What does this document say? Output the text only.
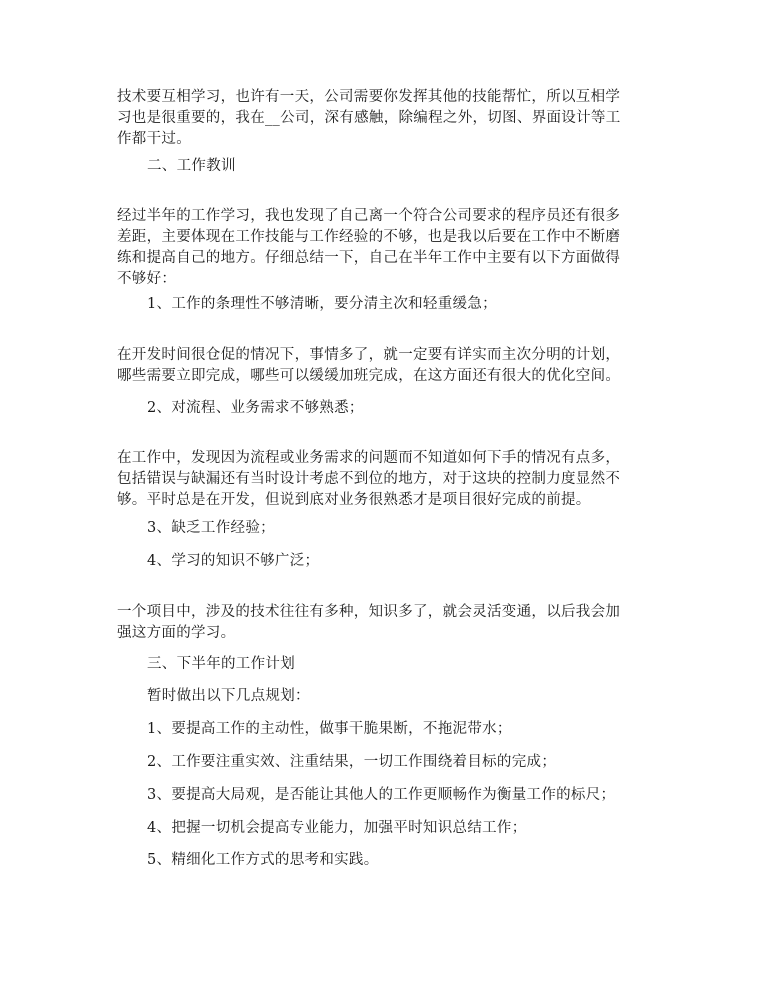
技术要互相学习，也许有一天，公司需要你发挥其他的技能帮忙，所以互相学
习也是很重要的，我在__公司，深有感触，除编程之外，切图、界面设计等工
作都干过。

二、工作教训

经过半年的工作学习，我也发现了自己离一个符合公司要求的程序员还有很多
差距，主要体现在工作技能与工作经验的不够，也是我以后要在工作中不断磨
练和提高自己的地方。仔细总结一下，自己在半年工作中主要有以下方面做得
不够好：

1、工作的条理性不够清晰，要分清主次和轻重缓急；

在开发时间很仓促的情况下，事情多了，就一定要有详实而主次分明的计划，
哪些需要立即完成，哪些可以缓缓加班完成，在这方面还有很大的优化空间。

2、对流程、业务需求不够熟悉；

在工作中，发现因为流程或业务需求的问题而不知道如何下手的情况有点多，
包括错误与缺漏还有当时设计考虑不到位的地方，对于这块的控制力度显然不
够。平时总是在开发，但说到底对业务很熟悉才是项目很好完成的前提。

3、缺乏工作经验；

4、学习的知识不够广泛；

一个项目中，涉及的技术往往有多种，知识多了，就会灵活变通，以后我会加
强这方面的学习。

三、下半年的工作计划

暂时做出以下几点规划：

1、要提高工作的主动性，做事干脆果断，不拖泥带水；

2、工作要注重实效、注重结果，一切工作围绕着目标的完成；

3、要提高大局观，是否能让其他人的工作更顺畅作为衡量工作的标尺；

4、把握一切机会提高专业能力，加强平时知识总结工作；

5、精细化工作方式的思考和实践。
